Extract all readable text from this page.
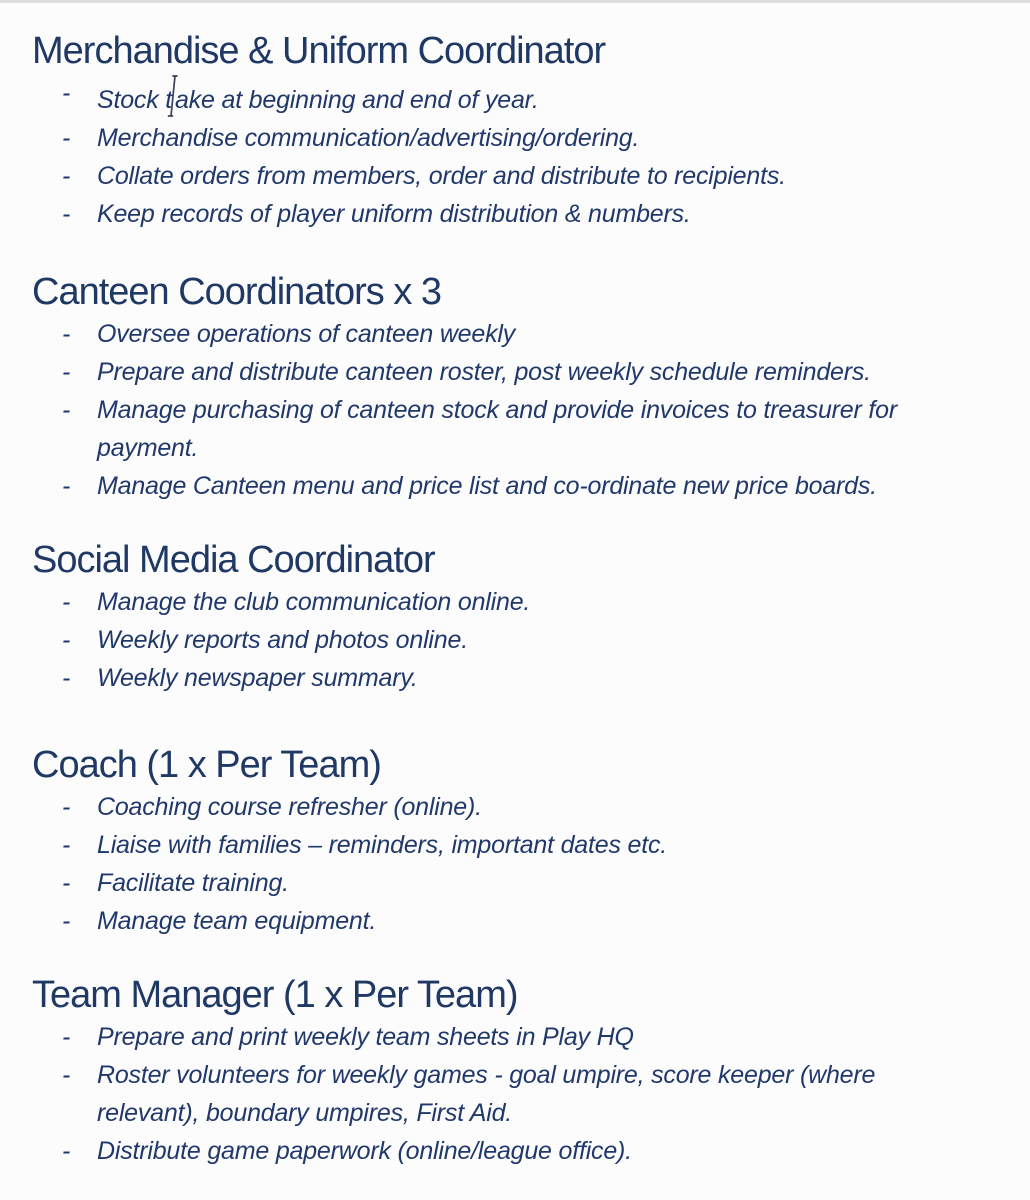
Merchandise & Uniform Coordinator
-	Stock t ake at beginning and end of year.
-	Merchandise communication/advertising/ordering.
-	Collate orders from members, order and distribute to recipients.
-	Keep records of player uniform distribution & numbers.
Canteen Coordinators x 3
-	Oversee operations of canteen weekly
-	Prepare and distribute canteen roster, post weekly schedule reminders.
-	Manage purchasing of canteen stock and provide invoices to treasurer for
payment.
-	Manage Canteen menu and price list and co-ordinate new price boards.
Social Media Coordinator
-	Manage the club communication online.
-	Weekly reports and photos online.
-	Weekly newspaper summary.
Coach (1 x Per Team)
-	Coaching course refresher (online).
-	Liaise with families – reminders, important dates etc.
-	Facilitate training.
-	Manage team equipment.
Team Manager (1 x Per Team)
-	Prepare and print weekly team sheets in Play HQ
-	Roster volunteers for weekly games - goal umpire, score keeper (where
relevant), boundary umpires, First Aid.
-	Distribute game paperwork (online/league office).
